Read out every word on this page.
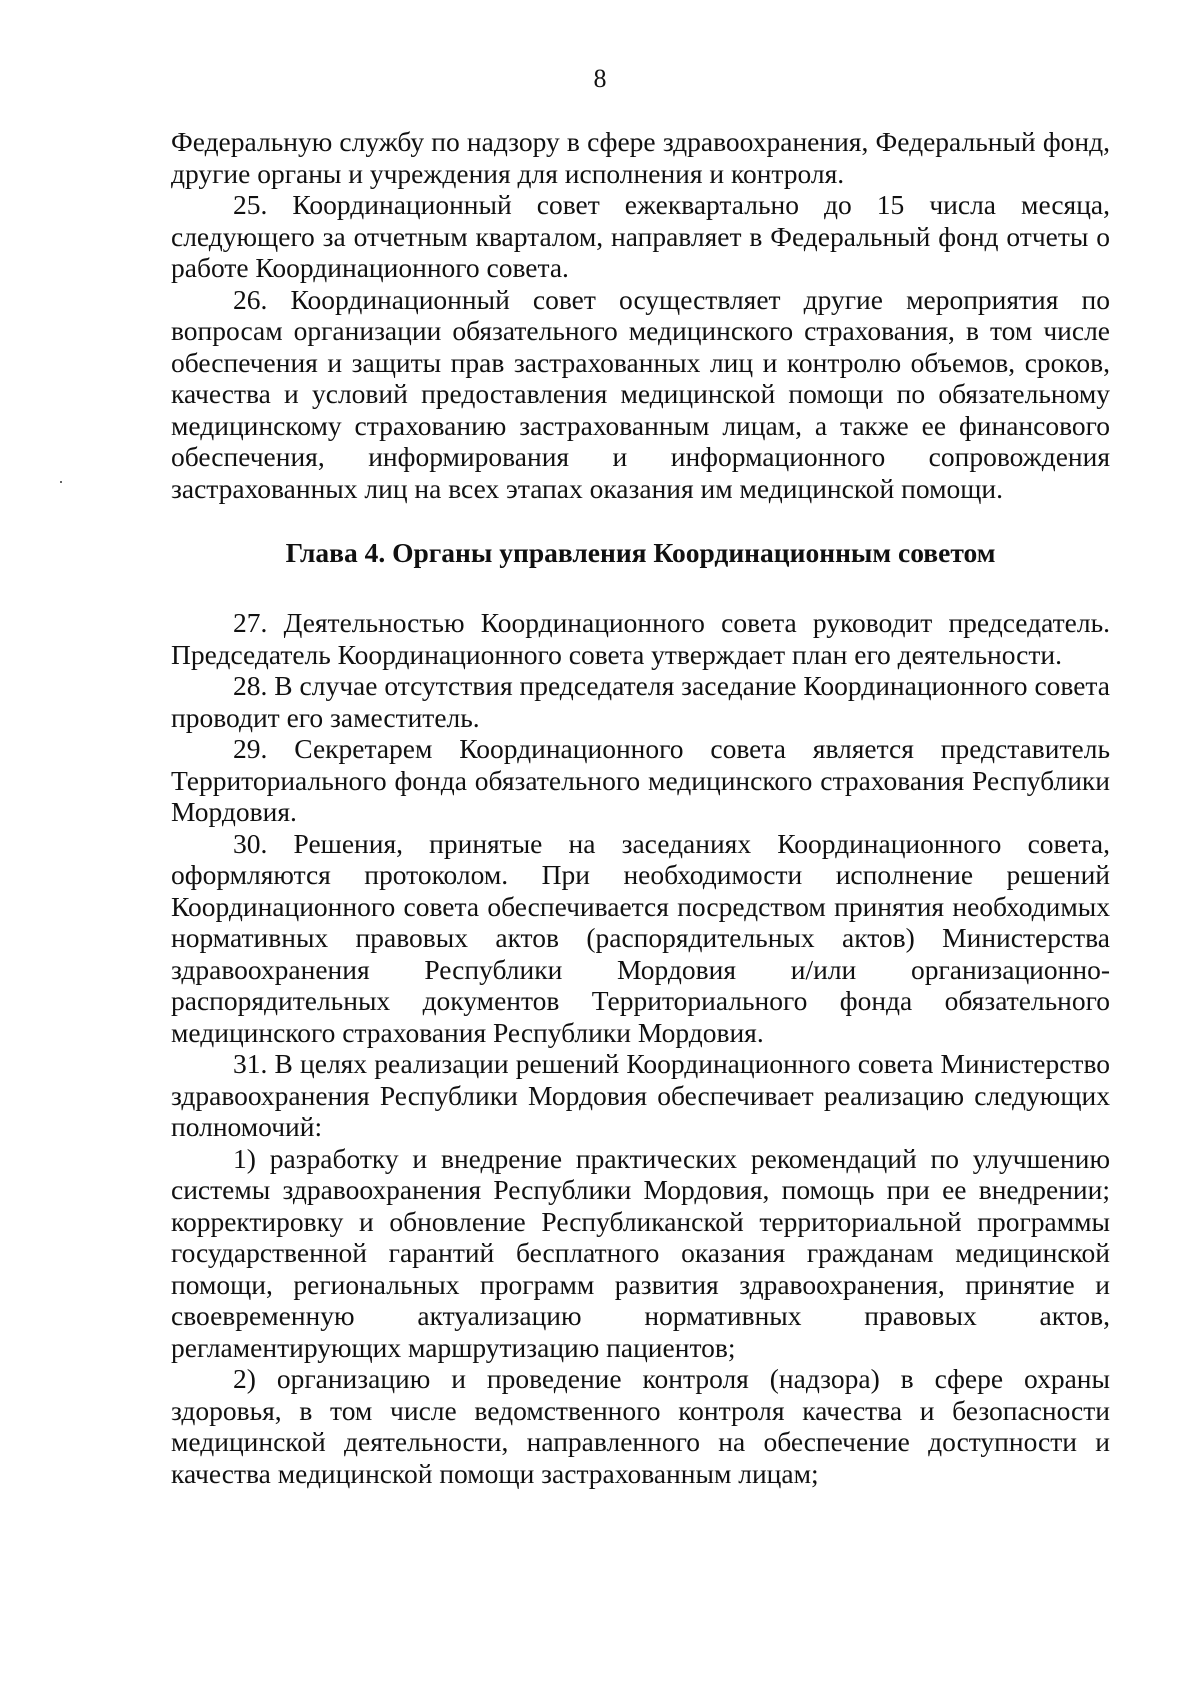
8

Федеральную службу по надзору в сфере здравоохранения, Федеральный фонд, другие органы и учреждения для исполнения и контроля.

25. Координационный совет ежеквартально до 15 числа месяца, следующего за отчетным кварталом, направляет в Федеральный фонд отчеты о работе Координационного совета.

26. Координационный совет осуществляет другие мероприятия по вопросам организации обязательного медицинского страхования, в том числе обеспечения и защиты прав застрахованных лиц и контролю объемов, сроков, качества и условий предоставления медицинской помощи по обязательному медицинскому страхованию застрахованным лицам, а также ее финансового обеспечения, информирования и информационного сопровождения застрахованных лиц на всех этапах оказания им медицинской помощи.

Глава 4. Органы управления Координационным советом

27. Деятельностью Координационного совета руководит председатель. Председатель Координационного совета утверждает план его деятельности.

28. В случае отсутствия председателя заседание Координационного совета проводит его заместитель.

29. Секретарем Координационного совета является представитель Территориального фонда обязательного медицинского страхования Республики Мордовия.

30. Решения, принятые на заседаниях Координационного совета, оформляются протоколом. При необходимости исполнение решений Координационного совета обеспечивается посредством принятия необходимых нормативных правовых актов (распорядительных актов) Министерства здравоохранения Республики Мордовия и/или организационно-распорядительных документов Территориального фонда обязательного медицинского страхования Республики Мордовия.

31. В целях реализации решений Координационного совета Министерство здравоохранения Республики Мордовия обеспечивает реализацию следующих полномочий:

1) разработку и внедрение практических рекомендаций по улучшению системы здравоохранения Республики Мордовия, помощь при ее внедрении; корректировку и обновление Республиканской территориальной программы государственной гарантий бесплатного оказания гражданам медицинской помощи, региональных программ развития здравоохранения, принятие и своевременную актуализацию нормативных правовых актов, регламентирующих маршрутизацию пациентов;

2) организацию и проведение контроля (надзора) в сфере охраны здоровья, в том числе ведомственного контроля качества и безопасности медицинской деятельности, направленного на обеспечение доступности и качества медицинской помощи застрахованным лицам;
